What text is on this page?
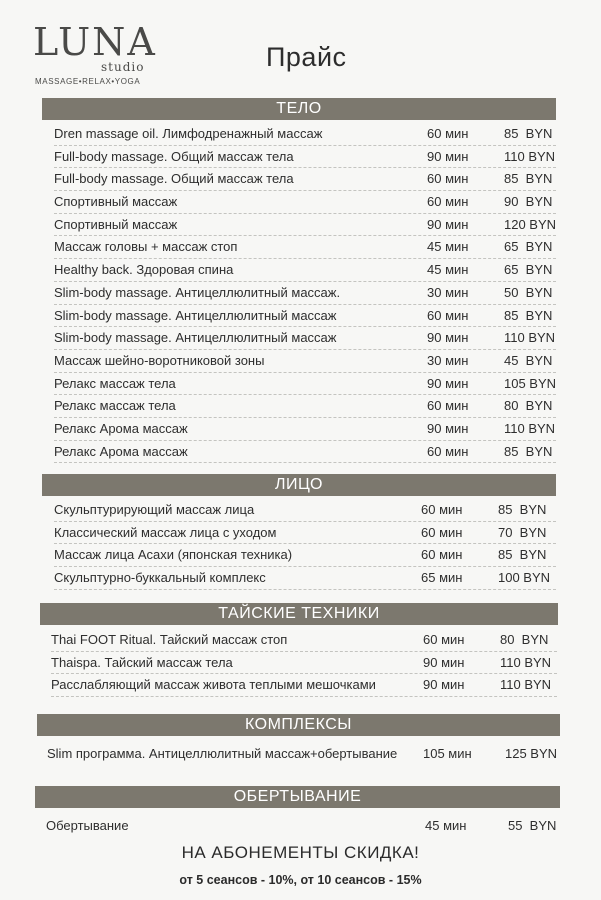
LUNA
studio
MASSAGE•RELAX•YOGA
Прайс
ТЕЛО
Dren massage oil. Лимфодренажный массаж	60 мин	85  BYN
Full-body massage. Общий массаж тела	90 мин	110 BYN
Full-body massage. Общий массаж тела	60 мин	85  BYN
Спортивный массаж	60 мин	90  BYN
Спортивный массаж	90 мин	120 BYN
Массаж головы + массаж стоп	45 мин	65  BYN
Healthy back. Здоровая спина	45 мин	65  BYN
Slim-body massage. Антицеллюлитный массаж.	30 мин	50  BYN
Slim-body massage. Антицеллюлитный массаж	60 мин	85  BYN
Slim-body massage. Антицеллюлитный массаж	90 мин	110 BYN
Массаж шейно-воротниковой зоны	30 мин	45  BYN
Релакс массаж тела	90 мин	105 BYN
Релакс массаж тела	60 мин	80  BYN
Релакс Арома массаж	90 мин	110 BYN
Релакс Арома массаж	60 мин	85  BYN
ЛИЦО
Скульптурирующий массаж лица	60 мин	85  BYN
Классический массаж лица с уходом	60 мин	70  BYN
Массаж лица Асахи (японская техника)	60 мин	85  BYN
Скульптурно-буккальный комплекс	65 мин	100 BYN
ТАЙСКИЕ ТЕХНИКИ
Thai FOOT Ritual. Тайский массаж стоп	60 мин	80  BYN
Thaispa. Тайский массаж тела	90 мин	110 BYN
Расслабляющий массаж живота теплыми мешочками	90 мин	110 BYN
КОМПЛЕКСЫ
Slim программа. Антицеллюлитный массаж+обертывание 105 мин	125 BYN
ОБЕРТЫВАНИЕ
Обертывание	45 мин	55  BYN
НА АБОНЕМЕНТЫ СКИДКА!
от 5 сеансов - 10%, от 10 сеансов - 15%
